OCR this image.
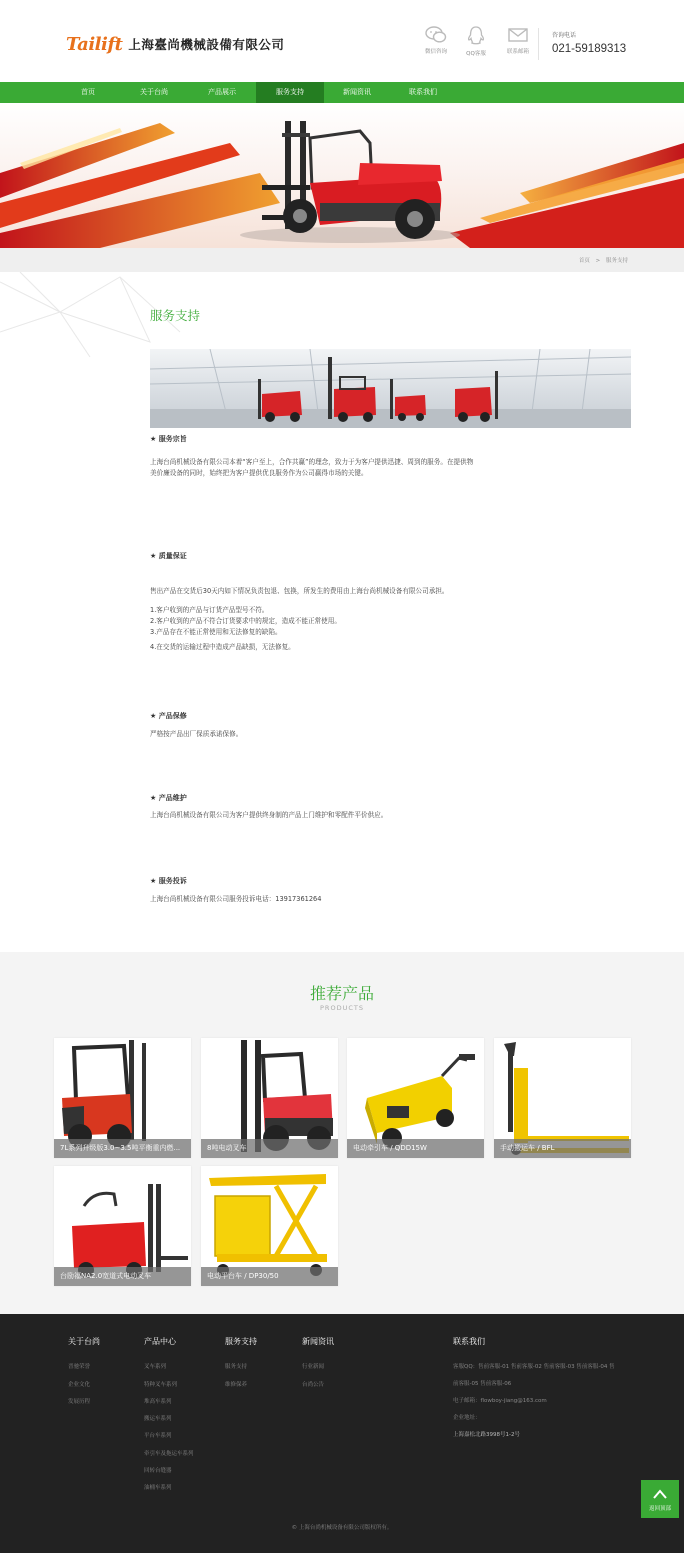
Tailift 上海臺尚機械設備有限公司	微信咨询	QQ客服	联系邮箱
咨询电话
021-59189313
首页	关于台尚	产品展示	服务支持	新闻资讯	联系我们
首页 > 服务支持
服务支持
★ 服务宗旨
上海台尚机械设备有限公司本着“客户至上，合作共赢”的理念，致力于为客户提供迅捷、周到的服务。在提供物
美价廉设备的同时，始终把为客户提供优良服务作为公司赢得市场的关键。
★ 质量保证
售出产品在交货后30天内如下情况负责包退、包换，所发生的费用由上海台尚机械设备有限公司承担。
1.客户收到的产品与订货产品型号不符。
2.客户收到的产品不符合订货要求中的规定，造成不能正常使用。
3.产品存在不能正常使用和无法修复的缺陷。
4.在交货的运输过程中造成产品缺损，无法修复。
★ 产品保修
严格按产品出厂保质承诺保修。
★ 产品维护
上海台尚机械设备有限公司为客户提供终身制的产品上门维护和零配件平价供应。
★ 服务投诉
上海台尚机械设备有限公司服务投诉电话：13917361264
推荐产品
PRODUCTS
7L系列升级版3.0~3.5吨平衡重内燃...	8吨电动叉车	电动牵引车 / QDD15W	手动搬运车 / BFL
台励福NA2.0宽道式电动叉车	电动平台车 / DP30/50
关于台尚
晋驰荣誉
企业文化
发展历程
产品中心
叉车系列
特种叉车系列
堆高车系列
搬运车系列
平台车系列
牵引车及拖运车系列
回转台缝器
油桶车系列
服务支持
服务支持
维修保养
新闻资讯
行业新闻
台尚公告
联系我们
客服QQ：售前客服-01 售前客服-02 售前客服-03 售前客服-04 售
前客服-05 售前客服-06
电子邮箱：flowboy-jiang@163.com
企业地址：
上海嘉松北路3998号1-2号
© 上海台尚机械设备有限公司版权所有。
返回顶部
